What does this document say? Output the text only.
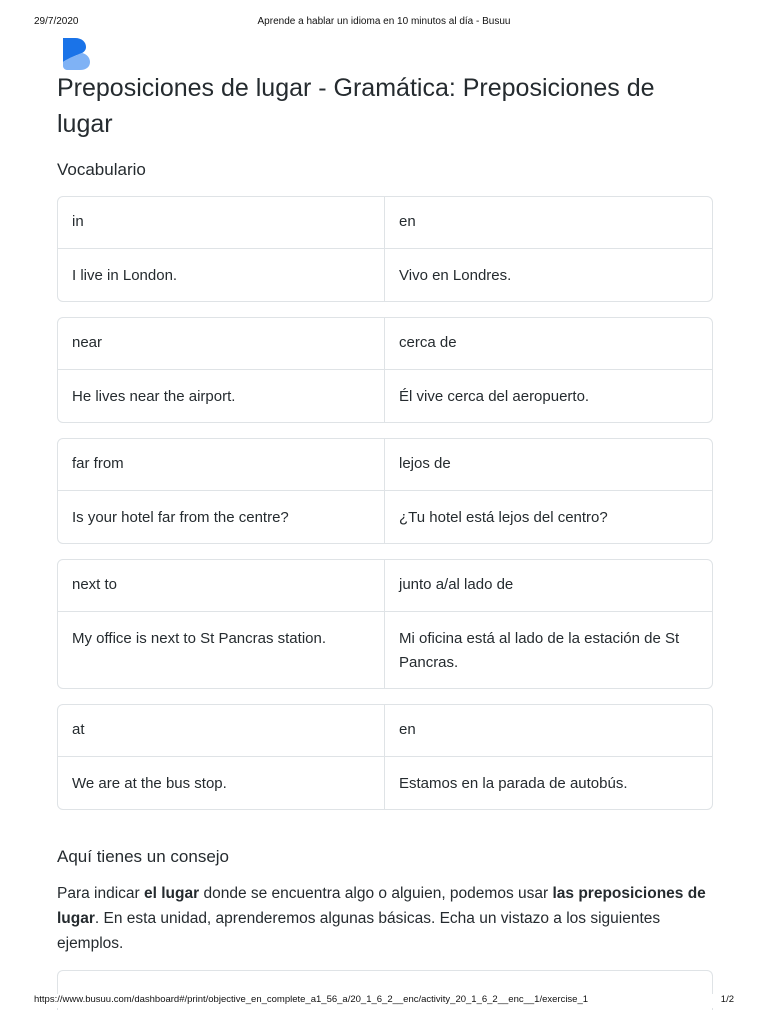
29/7/2020	Aprende a hablar un idioma en 10 minutos al día - Busuu
Preposiciones de lugar - Gramática: Preposiciones de lugar
Vocabulario
in	en
I live in London.	Vivo en Londres.
near	cerca de
He lives near the airport.	Él vive cerca del aeropuerto.
far from	lejos de
Is your hotel far from the centre?	¿Tu hotel está lejos del centro?
next to	junto a/al lado de
My office is next to St Pancras station.	Mi oficina está al lado de la estación de St Pancras.
at	en
We are at the bus stop.	Estamos en la parada de autobús.
Aquí tienes un consejo

Para indicar el lugar donde se encuentra algo o alguien, podemos usar las preposiciones de lugar. En esta unidad, aprenderemos algunas básicas. Echa un vistazo a los siguientes ejemplos.

https://www.busuu.com/dashboard#/print/objective_en_complete_a1_56_a/20_1_6_2__enc/activity_20_1_6_2__enc__1/exercise_1	1/2
